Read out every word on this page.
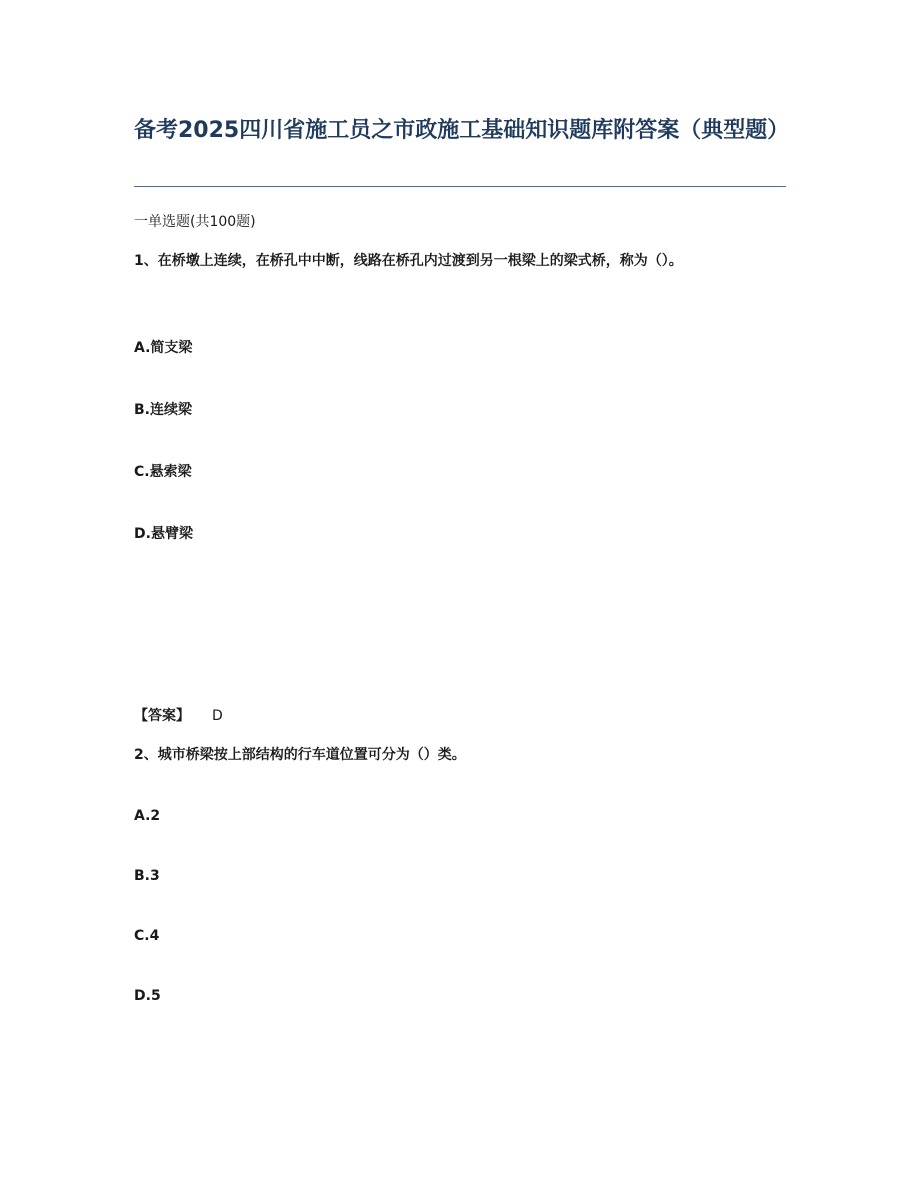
备考2025四川省施工员之市政施工基础知识题库附答案（典型题）
一单选题(共100题)
1、在桥墩上连续，在桥孔中中断，线路在桥孔内过渡到另一根梁上的梁式桥，称为（）。
A.简支梁
B.连续梁
C.悬索梁
D.悬臂梁
【答案】 D
2、城市桥梁按上部结构的行车道位置可分为（）类。
A.2
B.3
C.4
D.5
